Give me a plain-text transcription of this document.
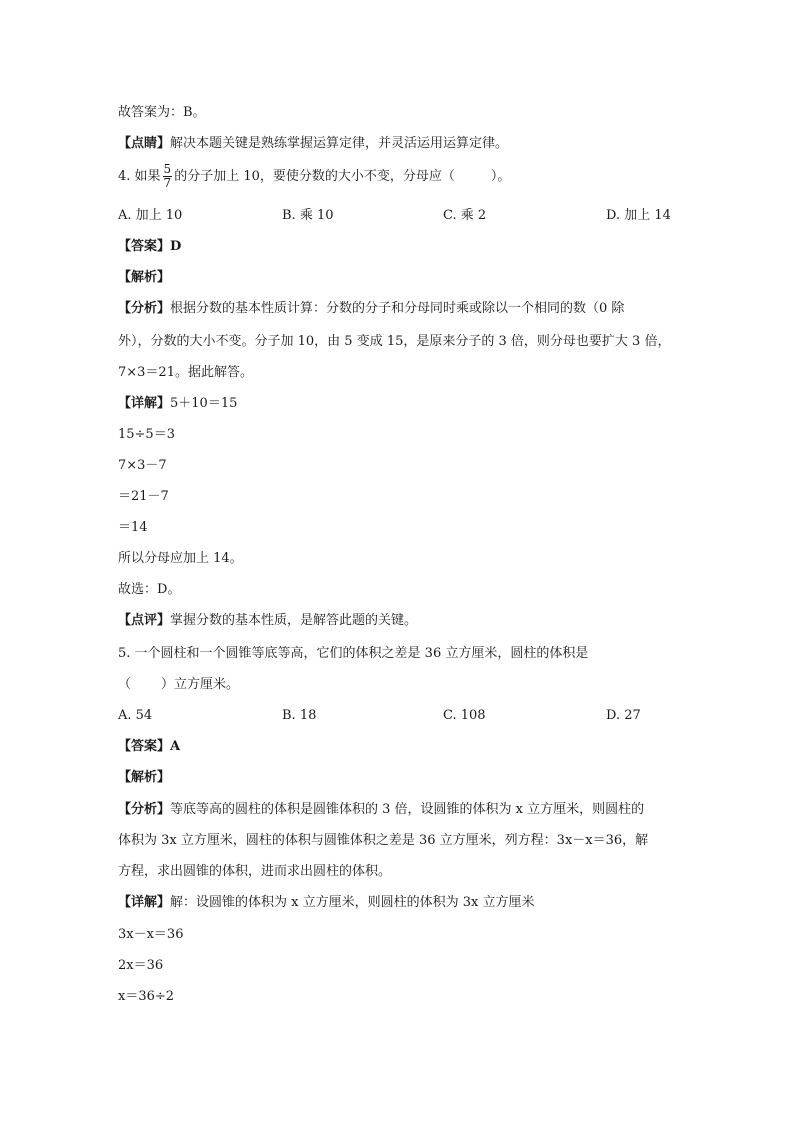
故答案为：B。
【点睛】解决本题关键是熟练掌握运算定律，并灵活运用运算定律。
4. 如果 $\frac{5}{7}$ 的分子加上 10，要使分数的大小不变，分母应（	）。
A. 加上 10	B. 乘 10	C. 乘 2	D. 加上 14
【答案】D
【解析】
【分析】根据分数的基本性质计算：分数的分子和分母同时乘或除以一个相同的数（0 除
外），分数的大小不变。分子加 10，由 5 变成 15，是原来分子的 3 倍，则分母也要扩大 3 倍，
7×3＝21。据此解答。
【详解】5＋10＝15
15÷5＝3
7×3－7
＝21－7
＝14
所以分母应加上 14。
故选：D。
【点评】掌握分数的基本性质，是解答此题的关键。
5. 一个圆柱和一个圆锥等底等高，它们的体积之差是 36 立方厘米，圆柱的体积是
（ ）立方厘米。
A. 54	B. 18	C. 108	D. 27
【答案】A
【解析】
【分析】等底等高的圆柱的体积是圆锥体积的 3 倍，设圆锥的体积为 x 立方厘米，则圆柱的
体积为 3x 立方厘米，圆柱的体积与圆锥体积之差是 36 立方厘米，列方程：3x－x＝36，解
方程，求出圆锥的体积，进而求出圆柱的体积。
【详解】解：设圆锥的体积为 x 立方厘米，则圆柱的体积为 3x 立方厘米
3x－x＝36
2x＝36
x＝36÷2
